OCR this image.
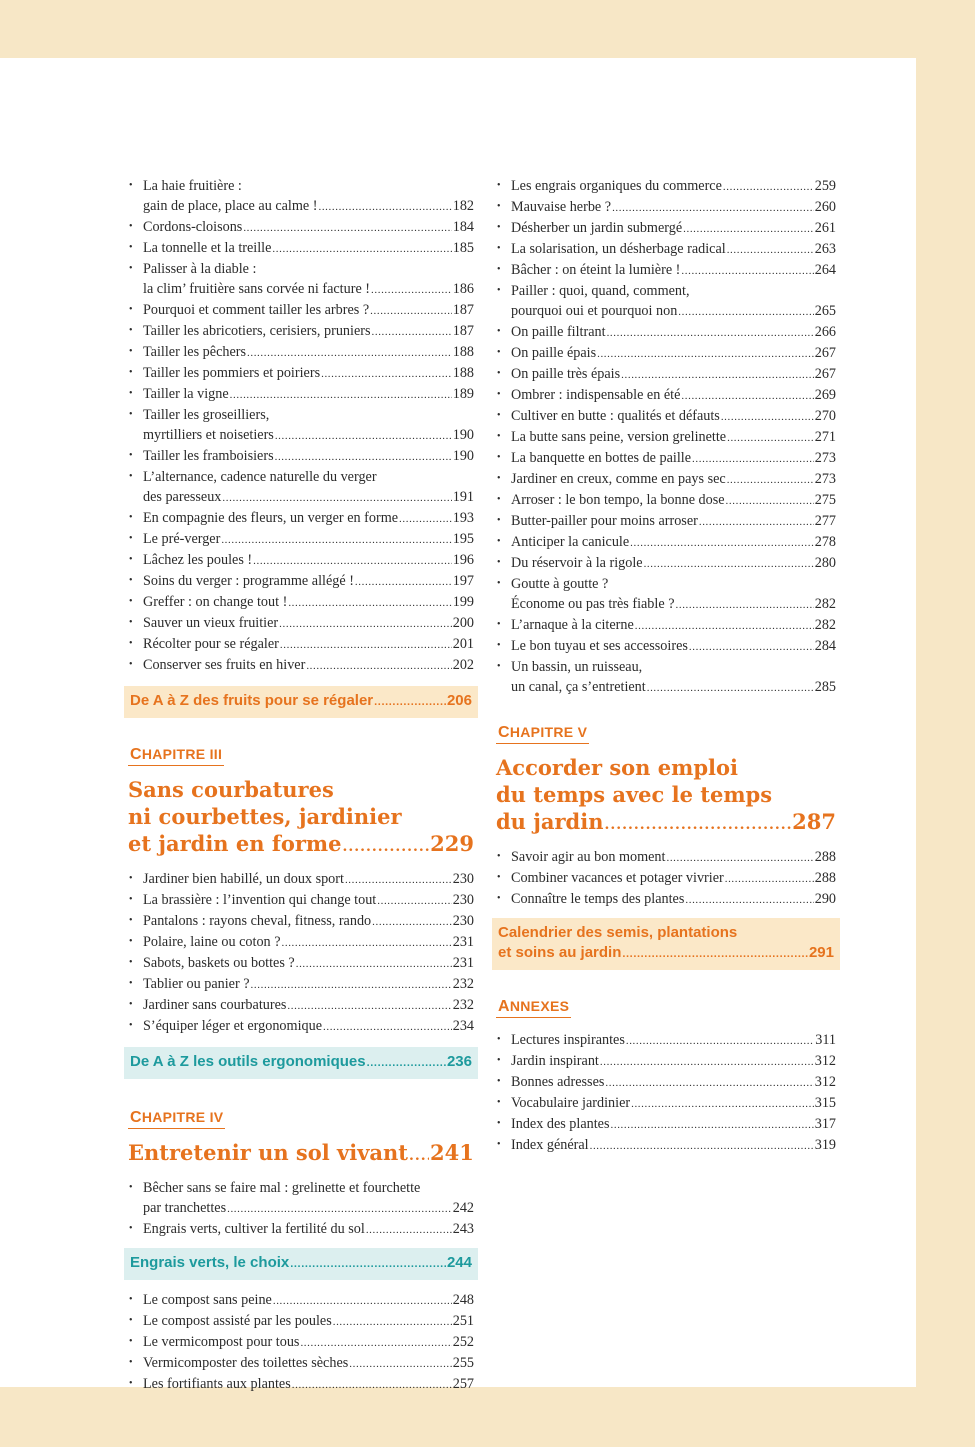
• La haie fruitière :
gain de place, place au calme ! .....	182
• Cordons-cloisons .....	184
• La tonnelle et la treille .....	185
• Palisser à la diable :
la clim’ fruitière sans corvée ni facture ! .....	186
• Pourquoi et comment tailler les arbres ? .....	187
• Tailler les abricotiers, cerisiers, pruniers .....	187
• Tailler les pêchers .....	188
• Tailler les pommiers et poiriers .....	188
• Tailler la vigne .....	189
• Tailler les groseilliers,
myrtilliers et noisetiers .....	190
• Tailler les framboisiers .....	190
• L’alternance, cadence naturelle du verger
des paresseux .....	191
• En compagnie des fleurs, un verger en forme .....	193
• Le pré-verger .....	195
• Lâchez les poules ! .....	196
• Soins du verger : programme allégé ! .....	197
• Greffer : on change tout ! .....	199
• Sauver un vieux fruitier .....	200
• Récolter pour se régaler .....	201
• Conserver ses fruits en hiver .....	202
De A à Z des fruits pour se régaler .....	206
CHAPITRE III
Sans courbatures
ni courbettes, jardinier
et jardin en forme .....	229
• Jardiner bien habillé, un doux sport .....	230
• La brassière : l’invention qui change tout .....	230
• Pantalons : rayons cheval, fitness, rando .....	230
• Polaire, laine ou coton ? .....	231
• Sabots, baskets ou bottes ? .....	231
• Tablier ou panier ? .....	232
• Jardiner sans courbatures .....	232
• S’équiper léger et ergonomique .....	234
De A à Z les outils ergonomiques .....	236
CHAPITRE IV
Entretenir un sol vivant ..... 241
• Bêcher sans se faire mal : grelinette et fourchette
par tranchettes .....	242
• Engrais verts, cultiver la fertilité du sol .....	243
Engrais verts, le choix .....	244
• Le compost sans peine .....	248
• Le compost assisté par les poules .....	251
• Le vermicompost pour tous .....	252
• Vermicomposter des toilettes sèches .....	255
• Les fortifiants aux plantes .....	257
• Les engrais organiques du commerce .....	259
• Mauvaise herbe ? .....	260
• Désherber un jardin submergé .....	261
• La solarisation, un désherbage radical .....	263
• Bâcher : on éteint la lumière ! .....	264
• Pailler : quoi, quand, comment,
pourquoi oui et pourquoi non .....	265
• On paille filtrant .....	266
• On paille épais .....	267
• On paille très épais .....	267
• Ombrer : indispensable en été .....	269
• Cultiver en butte : qualités et défauts .....	270
• La butte sans peine, version grelinette .....	271
• La banquette en bottes de paille .....	273
• Jardiner en creux, comme en pays sec .....	273
• Arroser : le bon tempo, la bonne dose .....	275
• Butter-pailler pour moins arroser .....	277
• Anticiper la canicule .....	278
• Du réservoir à la rigole .....	280
• Goutte à goutte ?
Économe ou pas très fiable ? .....	282
• L’arnaque à la citerne .....	282
• Le bon tuyau et ses accessoires .....	284
• Un bassin, un ruisseau,
un canal, ça s’entretient .....	285
CHAPITRE V
Accorder son emploi
du temps avec le temps
du jardin .....	287
• Savoir agir au bon moment .....	288
• Combiner vacances et potager vivrier .....	288
• Connaître le temps des plantes .....	290
Calendrier des semis, plantations
et soins au jardin .....	291
ANNEXES
• Lectures inspirantes .....	311
• Jardin inspirant .....	312
• Bonnes adresses .....	312
• Vocabulaire jardinier .....	315
• Index des plantes .....	317
• Index général .....	319
